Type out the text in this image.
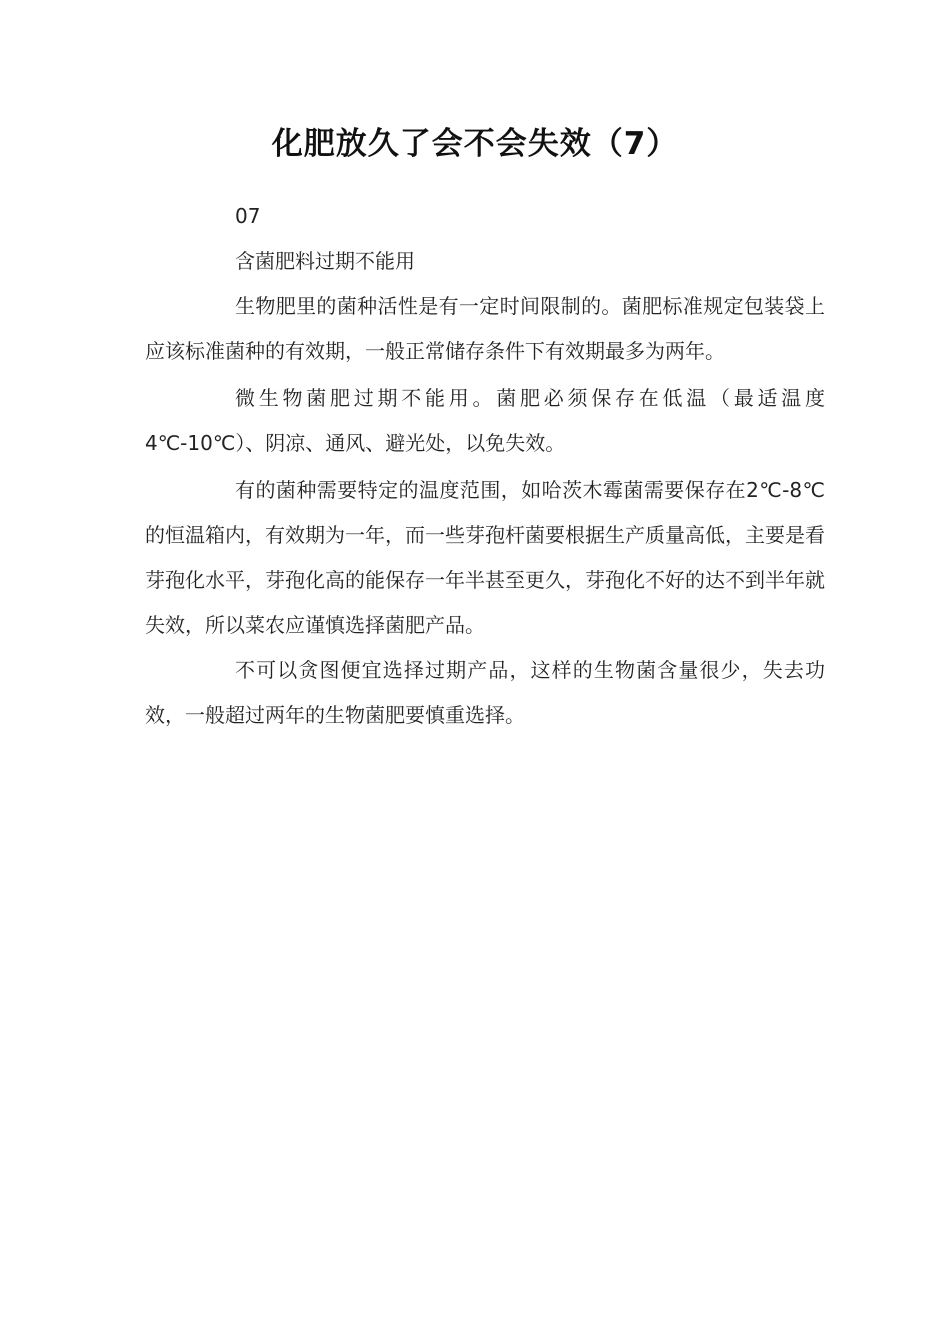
化肥放久了会不会失效（7）

07

含菌肥料过期不能用

生物肥里的菌种活性是有一定时间限制的。菌肥标准规定包装袋上应该标准菌种的有效期，一般正常储存条件下有效期最多为两年。

微生物菌肥过期不能用。菌肥必须保存在低温（最适温度4℃-10℃）、阴凉、通风、避光处，以免失效。

有的菌种需要特定的温度范围，如哈茨木霉菌需要保存在2℃-8℃的恒温箱内，有效期为一年，而一些芽孢杆菌要根据生产质量高低，主要是看芽孢化水平，芽孢化高的能保存一年半甚至更久，芽孢化不好的达不到半年就失效，所以菜农应谨慎选择菌肥产品。

不可以贪图便宜选择过期产品，这样的生物菌含量很少，失去功效，一般超过两年的生物菌肥要慎重选择。
